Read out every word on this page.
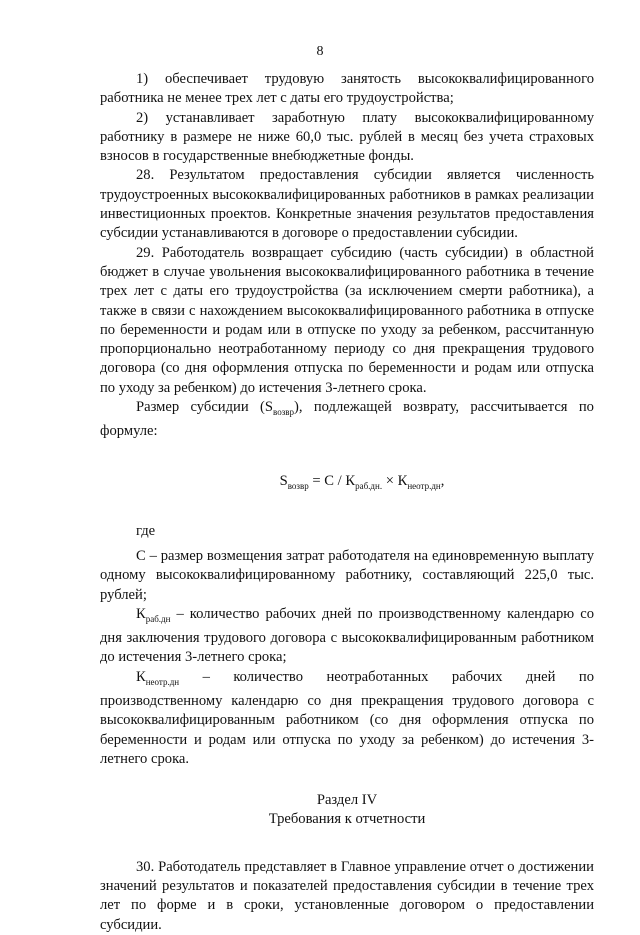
8

1) обеспечивает трудовую занятость высококвалифицированного работника не менее трех лет с даты его трудоустройства;

2) устанавливает заработную плату высококвалифицированному работнику в размере не ниже 60,0 тыс. рублей в месяц без учета страховых взносов в государственные внебюджетные фонды.

28. Результатом предоставления субсидии является численность трудоустроенных высококвалифицированных работников в рамках реализации инвестиционных проектов. Конкретные значения результатов предоставления субсидии устанавливаются в договоре о предоставлении субсидии.

29. Работодатель возвращает субсидию (часть субсидии) в областной бюджет в случае увольнения высококвалифицированного работника в течение трех лет с даты его трудоустройства (за исключением смерти работника), а также в связи с нахождением высококвалифицированного работника в отпуске по беременности и родам или в отпуске по уходу за ребенком, рассчитанную пропорционально неотработанному периоду со дня прекращения трудового договора (со дня оформления отпуска по беременности и родам или отпуска по уходу за ребенком) до истечения 3-летнего срока.

Размер субсидии $(S_{возвр})$, подлежащей возврату, рассчитывается по формуле:

$S_{возвр} = C / К_{раб.дн.} \times К_{неотр.дн}$,

где

C – размер возмещения затрат работодателя на единовременную выплату одному высококвалифицированному работнику, составляющий 225,0 тыс. рублей;

$К_{раб.дн}$ – количество рабочих дней по производственному календарю со дня заключения трудового договора с высококвалифицированным работником до истечения 3-летнего срока;

$К_{неотр.дн}$ – количество неотработанных рабочих дней по производственному календарю со дня прекращения трудового договора с высококвалифицированным работником (со дня оформления отпуска по беременности и родам или отпуска по уходу за ребенком) до истечения 3-летнего срока.

Раздел IV

Требования к отчетности

30. Работодатель представляет в Главное управление отчет о достижении значений результатов и показателей предоставления субсидии в течение трех лет по форме и в сроки, установленные договором о предоставлении субсидии.
